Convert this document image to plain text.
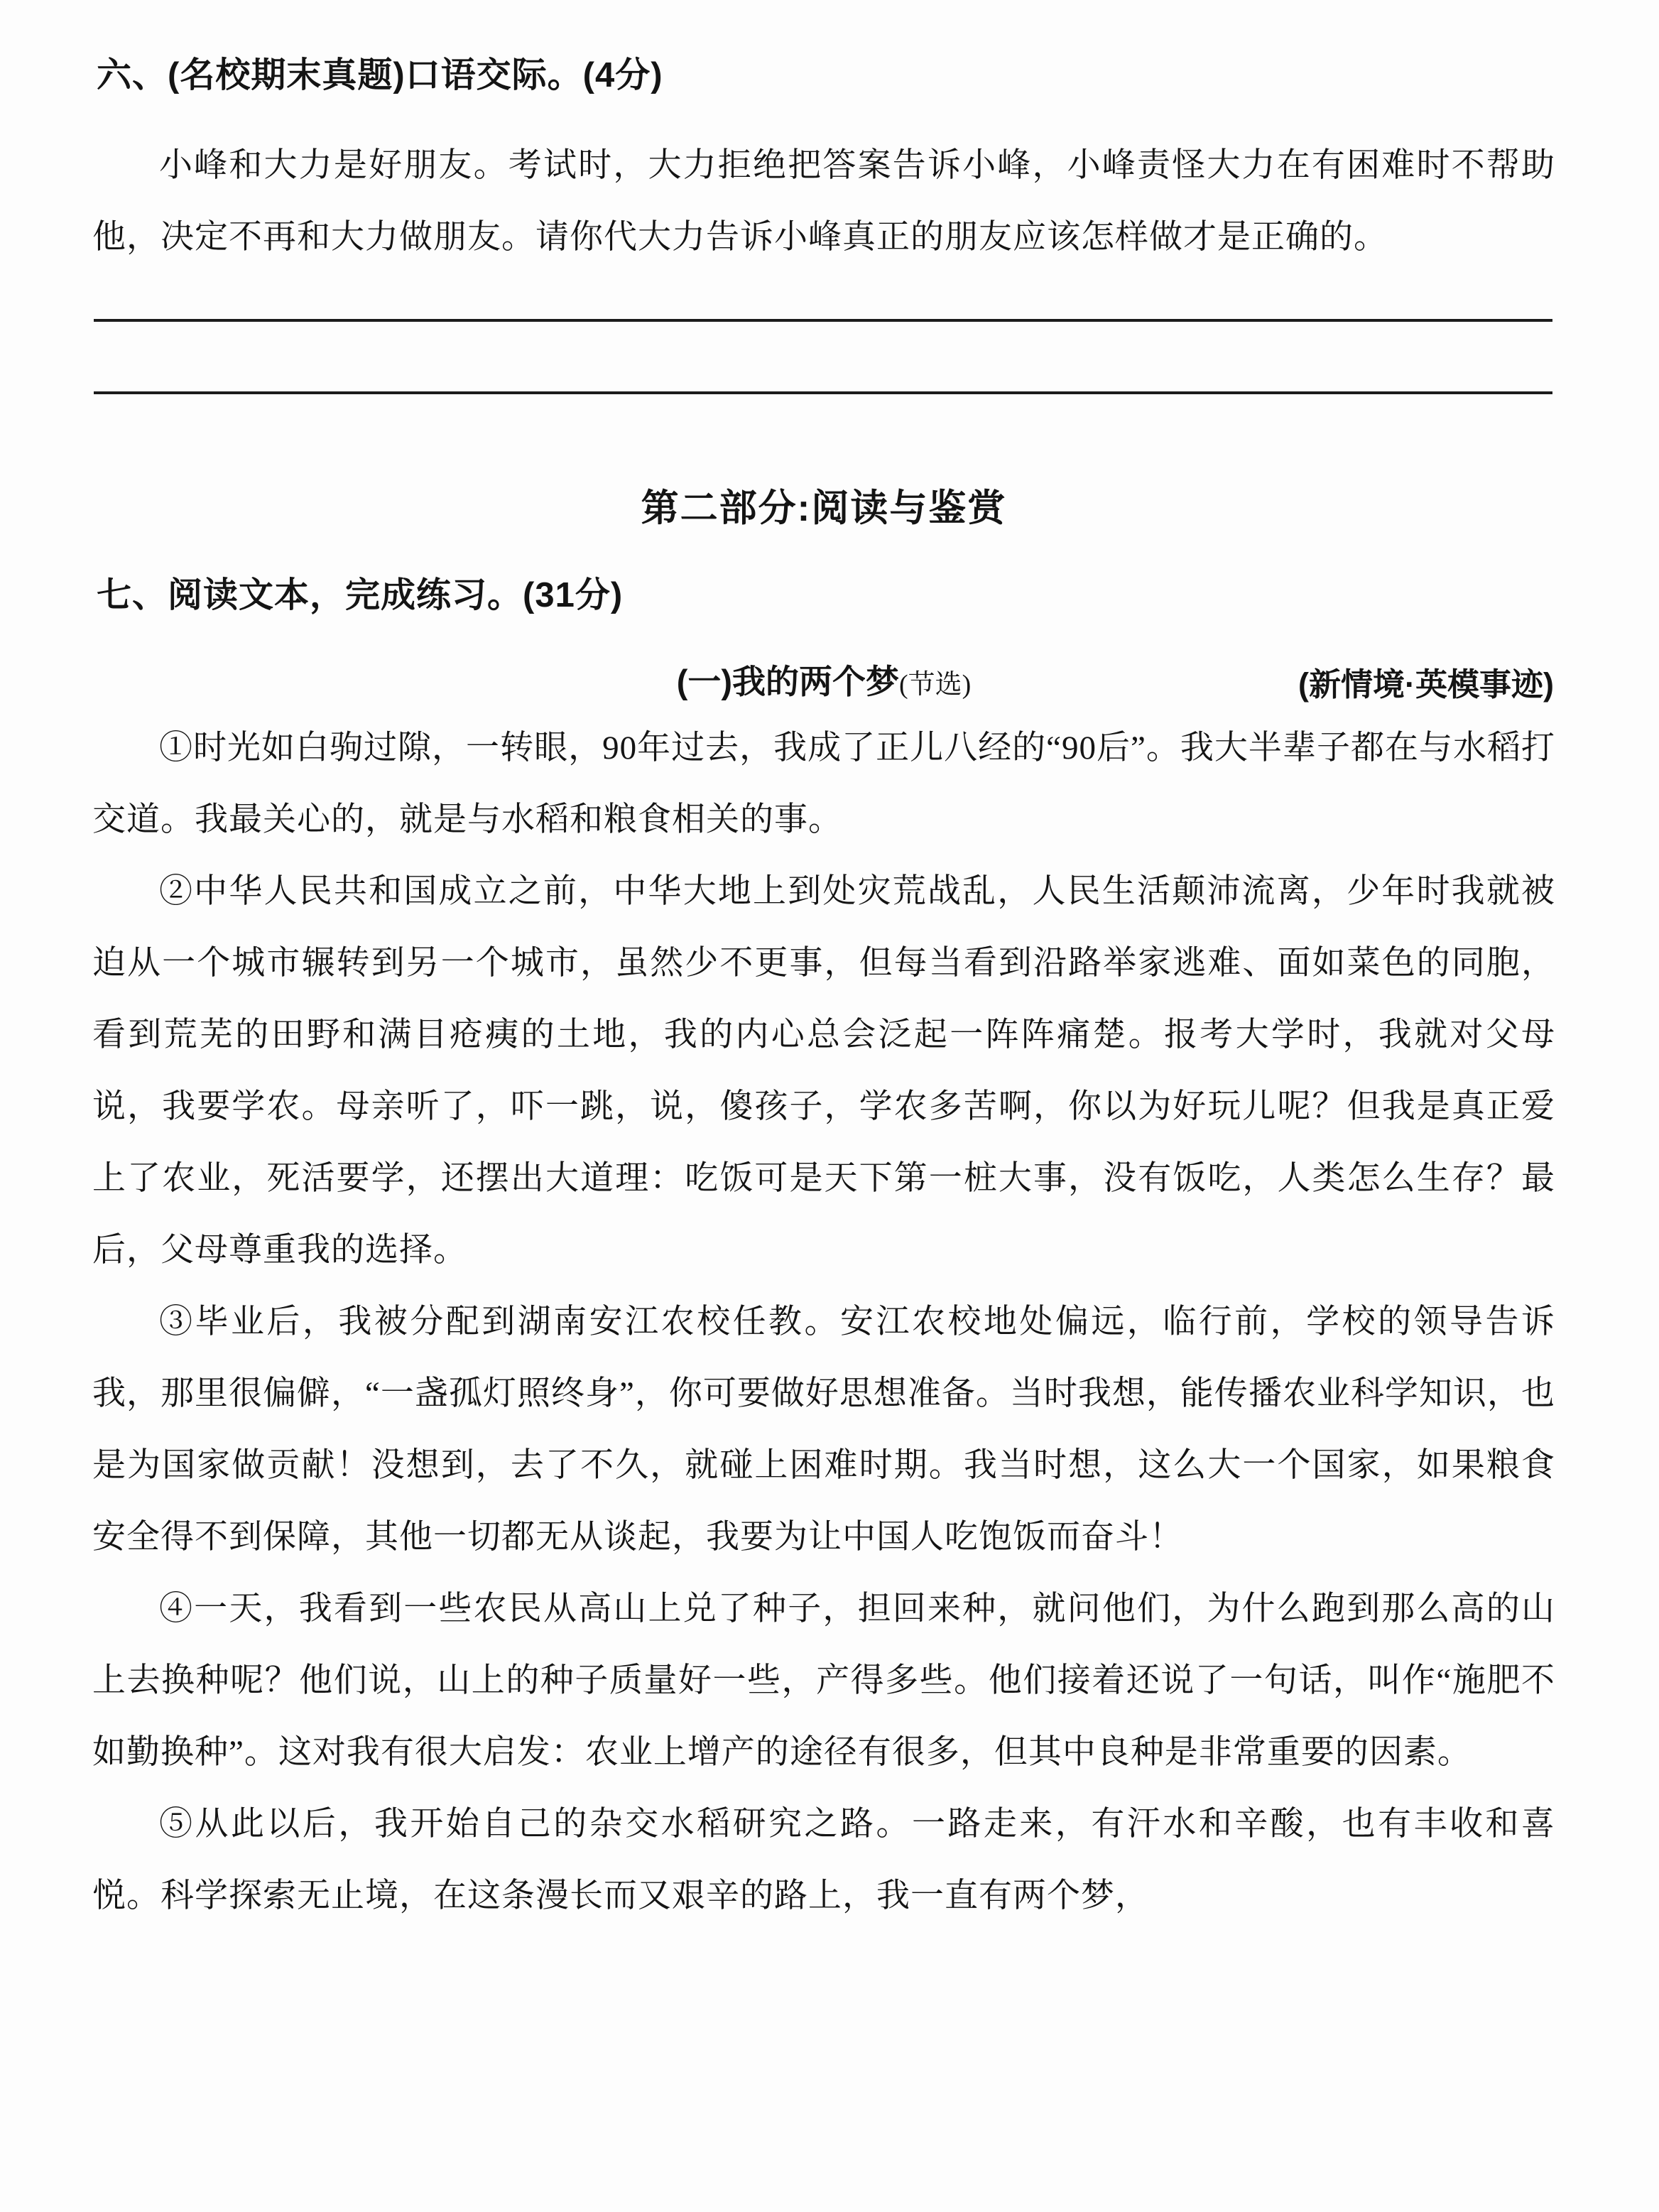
六、(名校期末真题)口语交际。(4分)

小峰和大力是好朋友。考试时，大力拒绝把答案告诉小峰，小峰责怪大力在有困难时不帮助他，决定不再和大力做朋友。请你代大力告诉小峰真正的朋友应该怎样做才是正确的。

第二部分:阅读与鉴赏
七、阅读文本，完成练习。(31分)
(一)我的两个梦(节选)	(新情境·英模事迹)

①时光如白驹过隙，一转眼，90年过去，我成了正儿八经的“90后”。我大半辈子都在与水稻打交道。我最关心的，就是与水稻和粮食相关的事。

②中华人民共和国成立之前，中华大地上到处灾荒战乱，人民生活颠沛流离，少年时我就被迫从一个城市辗转到另一个城市，虽然少不更事，但每当看到沿路举家逃难、面如菜色的同胞，看到荒芜的田野和满目疮痍的土地，我的内心总会泛起一阵阵痛楚。报考大学时，我就对父母说，我要学农。母亲听了，吓一跳，说，傻孩子，学农多苦啊，你以为好玩儿呢？但我是真正爱上了农业，死活要学，还摆出大道理：吃饭可是天下第一桩大事，没有饭吃，人类怎么生存？最后，父母尊重我的选择。

③毕业后，我被分配到湖南安江农校任教。安江农校地处偏远，临行前，学校的领导告诉我，那里很偏僻，“一盏孤灯照终身”，你可要做好思想准备。当时我想，能传播农业科学知识，也是为国家做贡献！没想到，去了不久，就碰上困难时期。我当时想，这么大一个国家，如果粮食安全得不到保障，其他一切都无从谈起，我要为让中国人吃饱饭而奋斗！

④一天，我看到一些农民从高山上兑了种子，担回来种，就问他们，为什么跑到那么高的山上去换种呢？他们说，山上的种子质量好一些，产得多些。他们接着还说了一句话，叫作“施肥不如勤换种”。这对我有很大启发：农业上增产的途径有很多，但其中良种是非常重要的因素。

⑤从此以后，我开始自己的杂交水稻研究之路。一路走来，有汗水和辛酸，也有丰收和喜悦。科学探索无止境，在这条漫长而又艰辛的路上，我一直有两个梦，
